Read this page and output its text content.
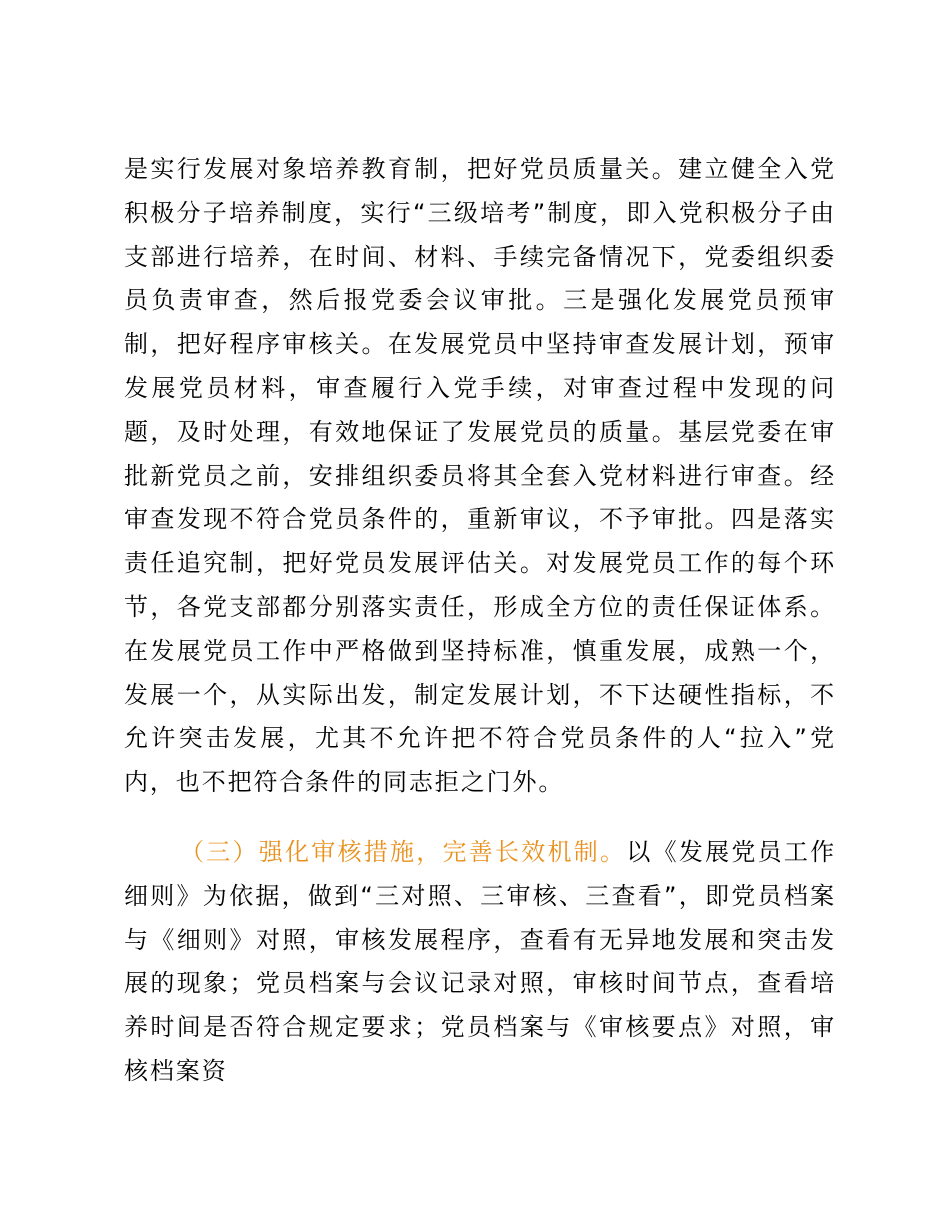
是实行发展对象培养教育制，把好党员质量关。建立健全入党积极分子培养制度，实行“三级培考”制度，即入党积极分子由支部进行培养，在时间、材料、手续完备情况下，党委组织委员负责审查，然后报党委会议审批。三是强化发展党员预审制，把好程序审核关。在发展党员中坚持审查发展计划，预审发展党员材料，审查履行入党手续，对审查过程中发现的问题，及时处理，有效地保证了发展党员的质量。基层党委在审批新党员之前，安排组织委员将其全套入党材料进行审查。经审查发现不符合党员条件的，重新审议，不予审批。四是落实责任追究制，把好党员发展评估关。对发展党员工作的每个环节，各党支部都分别落实责任，形成全方位的责任保证体系。在发展党员工作中严格做到坚持标准，慎重发展，成熟一个，发展一个，从实际出发，制定发展计划，不下达硬性指标，不允许突击发展，尤其不允许把不符合党员条件的人“拉入”党内，也不把符合条件的同志拒之门外。
（三）强化审核措施，完善长效机制。以《发展党员工作细则》为依据，做到“三对照、三审核、三查看”，即党员档案与《细则》对照，审核发展程序，查看有无异地发展和突击发展的现象；党员档案与会议记录对照，审核时间节点，查看培养时间是否符合规定要求；党员档案与《审核要点》对照，审核档案资
